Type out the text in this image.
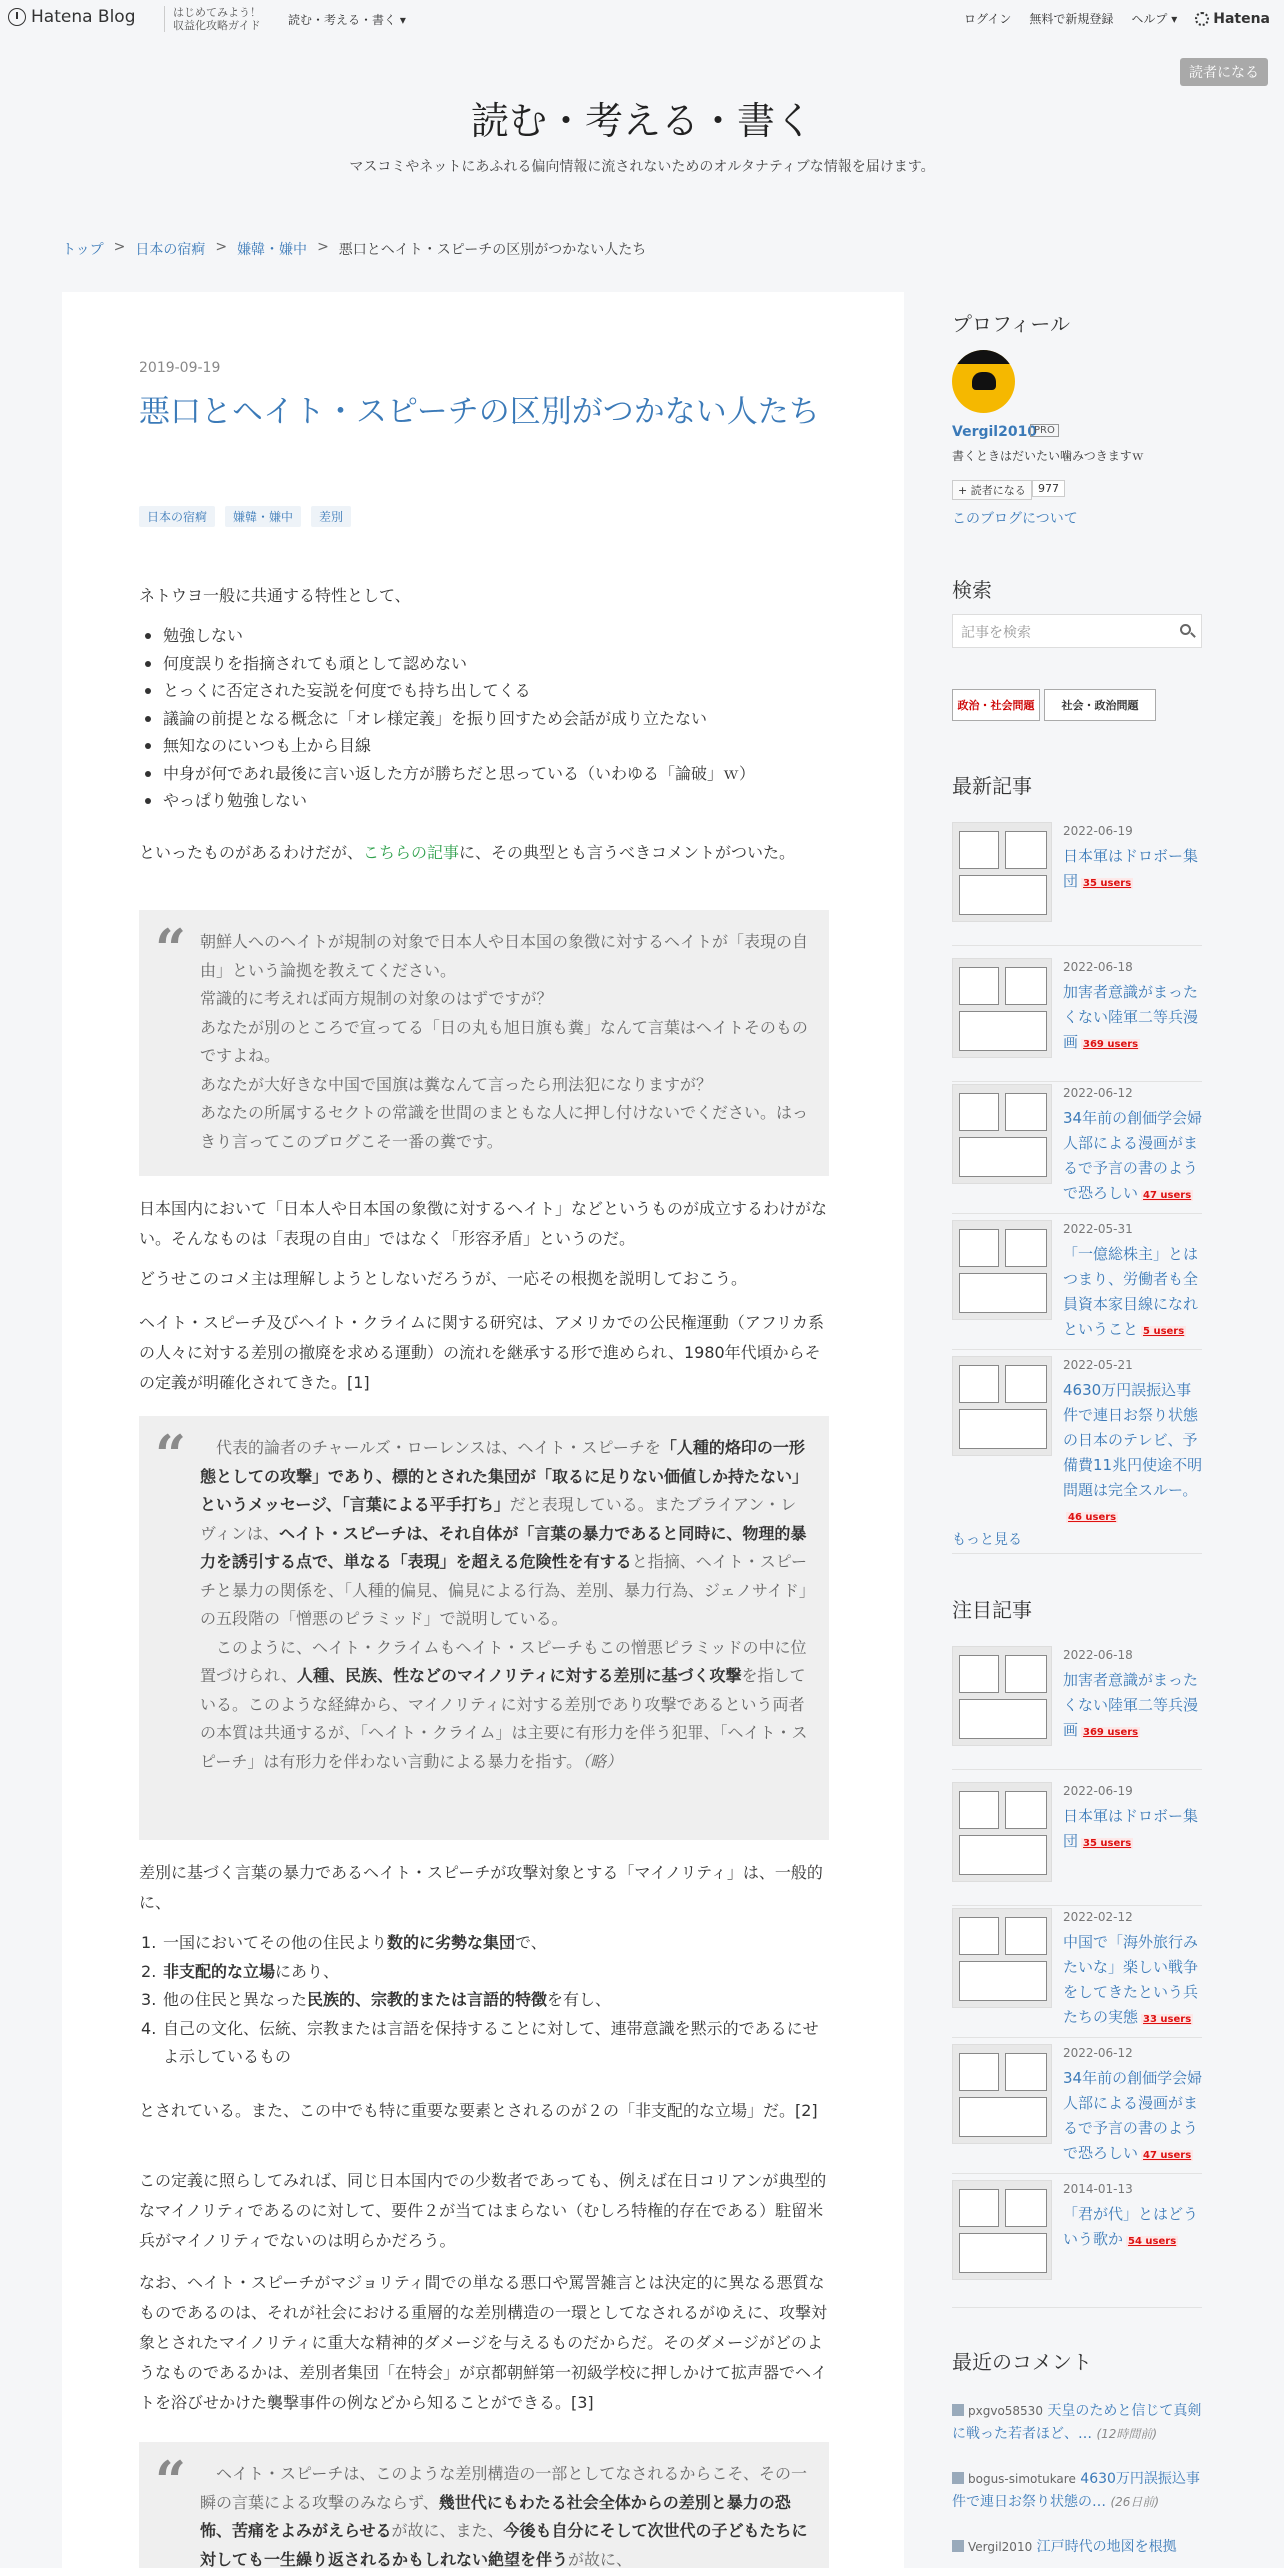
Hatena Blog	はじめてみよう！
収益化攻略ガイド 読む・考える・書く ▾	ログイン 無料で新規登録 ヘルプ ▾	Hatena
読者になる
読む・考える・書く
マスコミやネットにあふれる偏向情報に流されないためのオルタナティブな情報を届けます。
トップ > 日本の宿痾 > 嫌韓・嫌中 > 悪口とヘイト・スピーチの区別がつかない人たち
2019-09-19
悪口とヘイト・スピーチの区別がつかない人たち
日本の宿痾	嫌韓・嫌中	差別

ネトウヨ一般に共通する特性として、

勉強しない
何度誤りを指摘されても頑として認めない
とっくに否定された妄説を何度でも持ち出してくる
議論の前提となる概念に「オレ様定義」を振り回すため会話が成り立たない
無知なのにいつも上から目線
中身が何であれ最後に言い返した方が勝ちだと思っている（いわゆる「論破」ｗ）
やっぱり勉強しない

といったものがあるわけだが、こちらの記事に、その典型とも言うべきコメントがついた。

“ 朝鮮人へのヘイトが規制の対象で日本人や日本国の象徴に対するヘイトが「表現の自由」という論拠を教えてください。
常識的に考えれば両方規制の対象のはずですが？
あなたが別のところで宣ってる「日の丸も旭日旗も糞」なんて言葉はヘイトそのものですよね。
あなたが大好きな中国で国旗は糞なんて言ったら刑法犯になりますが？
あなたの所属するセクトの常識を世間のまともな人に押し付けないでください。はっきり言ってこのブログこそ一番の糞です。

日本国内において「日本人や日本国の象徴に対するヘイト」などというものが成立するわけがない。そんなものは「表現の自由」ではなく「形容矛盾」というのだ。

どうせこのコメ主は理解しようとしないだろうが、一応その根拠を説明しておこう。

ヘイト・スピーチ及びヘイト・クライムに関する研究は、アメリカでの公民権運動（アフリカ系の人々に対する差別の撤廃を求める運動）の流れを継承する形で進められ、1980年代頃からその定義が明確化されてきた。[1]

“ 　代表的論者のチャールズ・ローレンスは、ヘイト・スピーチを「人種的烙印の一形態としての攻撃」であり、標的とされた集団が「取るに足りない価値しか持たない」というメッセージ、「言葉による平手打ち」だと表現している。またブライアン・レヴィンは、ヘイト・スピーチは、それ自体が「言葉の暴力であると同時に、物理的暴力を誘引する点で、単なる「表現」を超える危険性を有すると指摘、ヘイト・スピーチと暴力の関係を、「人種的偏見、偏見による行為、差別、暴力行為、ジェノサイド」の五段階の「憎悪のピラミッド」で説明している。
　このように、ヘイト・クライムもヘイト・スピーチもこの憎悪ピラミッドの中に位置づけられ、人種、民族、性などのマイノリティに対する差別に基づく攻撃を指している。このような経緯から、マイノリティに対する差別であり攻撃であるという両者の本質は共通するが、「ヘイト・クライム」は主要に有形力を伴う犯罪、「ヘイト・スピーチ」は有形力を伴わない言動による暴力を指す。（略）

差別に基づく言葉の暴力であるヘイト・スピーチが攻撃対象とする「マイノリティ」は、一般的に、

一国においてその他の住民より数的に劣勢な集団で、
非支配的な立場にあり、
他の住民と異なった民族的、宗教的または言語的特徴を有し、
自己の文化、伝統、宗教または言語を保持することに対して、連帯意識を黙示的であるにせよ示しているもの

とされている。また、この中でも特に重要な要素とされるのが２の「非支配的な立場」だ。[2]

この定義に照らしてみれば、同じ日本国内での少数者であっても、例えば在日コリアンが典型的なマイノリティであるのに対して、要件２が当てはまらない（むしろ特権的存在である）駐留米兵がマイノリティでないのは明らかだろう。

なお、ヘイト・スピーチがマジョリティ間での単なる悪口や罵詈雑言とは決定的に異なる悪質なものであるのは、それが社会における重層的な差別構造の一環としてなされるがゆえに、攻撃対象とされたマイノリティに重大な精神的ダメージを与えるものだからだ。そのダメージがどのようなものであるかは、差別者集団「在特会」が京都朝鮮第一初級学校に押しかけて拡声器でヘイトを浴びせかけた襲撃事件の例などから知ることができる。[3]

“ 　ヘイト・スピーチは、このような差別構造の一部としてなされるからこそ、その一瞬の言葉による攻撃のみならず、幾世代にもわたる社会全体からの差別と暴力の恐怖、苦痛をよみがえらせるが故に、また、今後も自分にそして次世代の子どもたちに対しても一生繰り返されるかもしれない絶望を伴うが故に、
プロフィール
Vergil2010
PRO
書くときはだいたい噛みつきますｗ
+ 読者になる	977
このブログについて
検索
記事を検索
政治・社会問題	社会・政治問題
最新記事
2022-06-19
日本軍はドロボー集団 35 users
2022-06-18
加害者意識がまったくない陸軍二等兵漫画 369 users
2022-06-12
34年前の創価学会婦人部による漫画がまるで予言の書のようで恐ろしい 47 users
2022-05-31
「一億総株主」とはつまり、労働者も全員資本家目線になれということ 5 users
2022-05-21
4630万円誤振込事件で連日お祭り状態の日本のテレビ、予備費11兆円使途不明問題は完全スルー。46 users
もっと見る
注目記事
2022-06-18
加害者意識がまったくない陸軍二等兵漫画 369 users
2022-06-19
日本軍はドロボー集団 35 users
2022-02-12
中国で「海外旅行みたいな」楽しい戦争をしてきたという兵たちの実態 33 users
2022-06-12
34年前の創価学会婦人部による漫画がまるで予言の書のようで恐ろしい 47 users
2014-01-13
「君が代」とはどういう歌か 54 users
最近のコメント
pxgvo58530 天皇のためと信じて真剣に戦った若者ほど、… (12時間前)
bogus-simotukare 4630万円誤振込事件で連日お祭り状態の… (26日前)
Vergil2010 江戸時代の地図を根拠
